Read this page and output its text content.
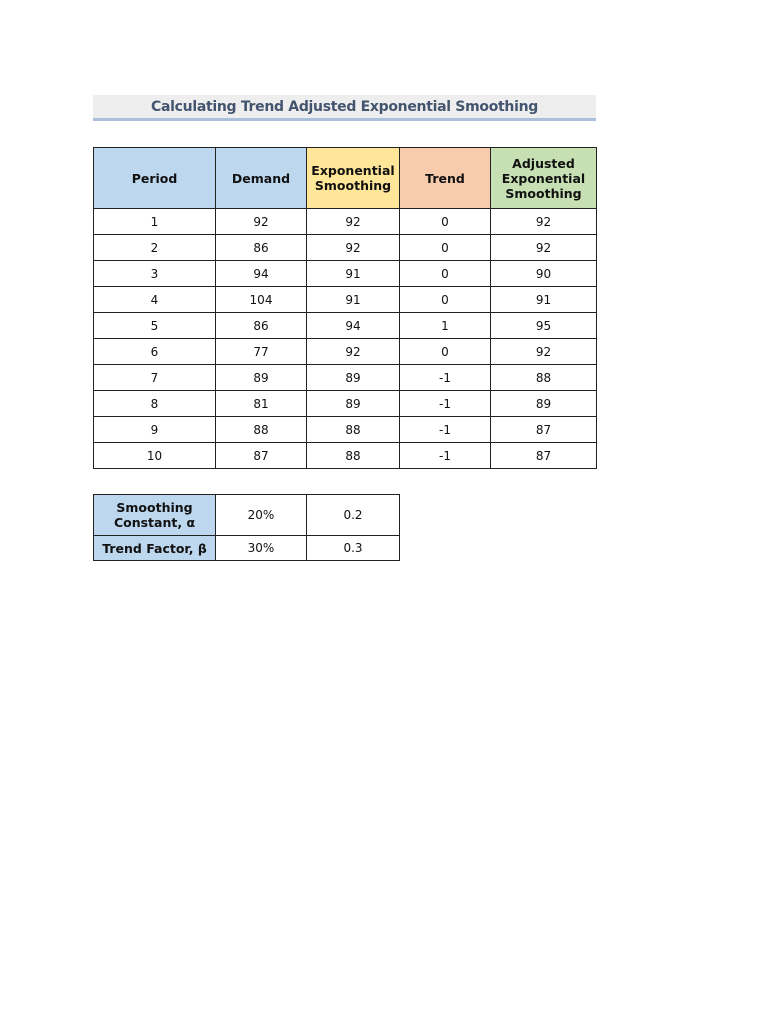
Calculating Trend Adjusted Exponential Smoothing
Period	Demand	Exponential Smoothing	Trend	Adjusted Exponential Smoothing
1	92	92	0	92
2	86	92	0	92
3	94	91	0	90
4	104	91	0	91
5	86	94	1	95
6	77	92	0	92
7	89	89	-1	88
8	81	89	-1	89
9	88	88	-1	87
10	87	88	-1	87
Smoothing Constant, α	20%	0.2
Trend Factor, β	30%	0.3
